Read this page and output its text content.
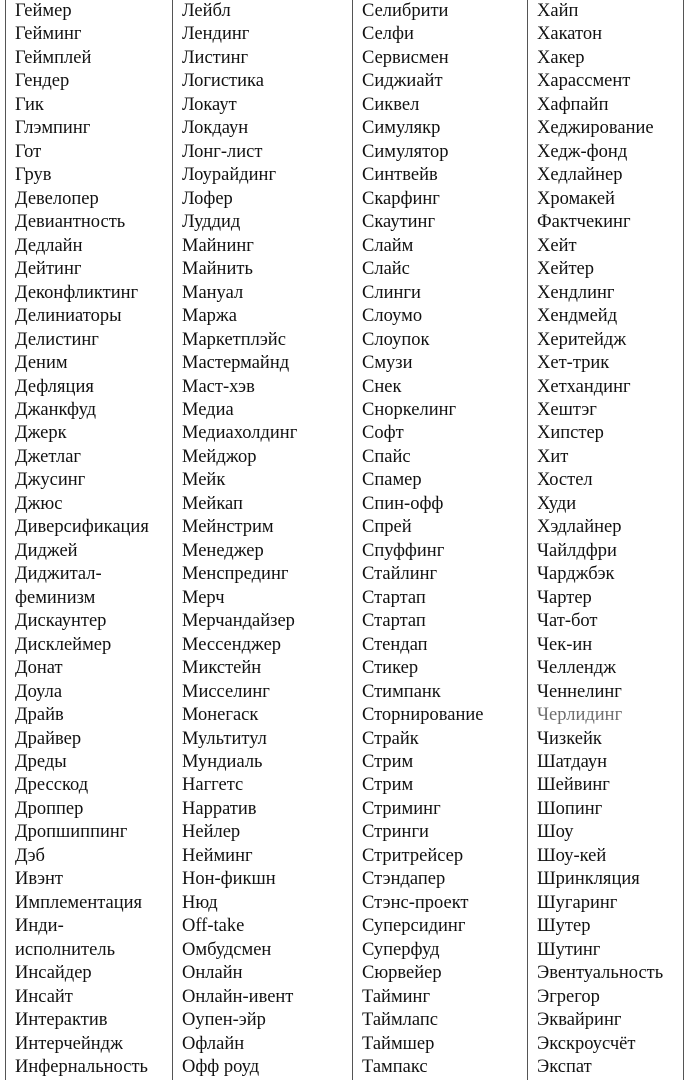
Геймер
Гейминг
Геймплей
Гендер
Гик
Глэмпинг
Гот
Грув
Девелопер
Девиантность
Дедлайн
Дейтинг
Деконфликтинг
Делиниаторы
Делистинг
Деним
Дефляция
Джанкфуд
Джерк
Джетлаг
Джусинг
Джюс
Диверсификация
Диджей
Диджитал-
феминизм
Дискаунтер
Дисклеймер
Донат
Доула
Драйв
Драйвер
Дреды
Дресскод
Дроппер
Дропшиппинг
Дэб
Ивэнт
Имплементация
Инди-
исполнитель
Инсайдер
Инсайт
Интерактив
Интерчейндж
Инфернальность
Лейбл
Лендинг
Листинг
Логистика
Локаут
Локдаун
Лонг-лист
Лоурайдинг
Лофер
Луддид
Майнинг
Майнить
Мануал
Маржа
Маркетплэйс
Мастермайнд
Маст-хэв
Медиа
Медиахолдинг
Мейджор
Мейк
Мейкап
Мейнстрим
Менеджер
Менспрединг
Мерч
Мерчандайзер
Мессенджер
Микстейн
Мисселинг
Монегаск
Мультитул
Мундиаль
Наггетс
Нарратив
Нейлер
Нейминг
Нон-фикшн
Нюд
Off-take
Омбудсмен
Онлайн
Онлайн-ивент
Оупен-эйр
Офлайн
Офф роуд
Селибрити
Селфи
Сервисмен
Сиджиайт
Сиквел
Симулякр
Симулятор
Синтвейв
Скарфинг
Скаутинг
Слайм
Слайс
Слинги
Слоумо
Слоупок
Смузи
Снек
Сноркелинг
Софт
Спайс
Спамер
Спин-офф
Спрей
Спуффинг
Стайлинг
Стартап
Стартап
Стендап
Стикер
Стимпанк
Сторнирование
Страйк
Стрим
Стрим
Стриминг
Стринги
Стритрейсер
Стэндапер
Стэнс-проект
Суперсидинг
Суперфуд
Сюрвейер
Тайминг
Таймлапс
Таймшер
Тампакс
Хайп
Хакатон
Хакер
Харассмент
Хафпайп
Хеджирование
Хедж-фонд
Хедлайнер
Хромакей
Фактчекинг
Хейт
Хейтер
Хендлинг
Хендмейд
Херитейдж
Хет-трик
Хетхандинг
Хештэг
Хипстер
Хит
Хостел
Худи
Хэдлайнер
Чайлдфри
Чарджбэк
Чартер
Чат-бот
Чек-ин
Челлендж
Ченнелинг
Черлидинг
Чизкейк
Шатдаун
Шейвинг
Шопинг
Шоу
Шоу-кей
Шринкляция
Шугаринг
Шутер
Шутинг
Эвентуальность
Эгрегор
Эквайринг
Экскроусчёт
Экспат
